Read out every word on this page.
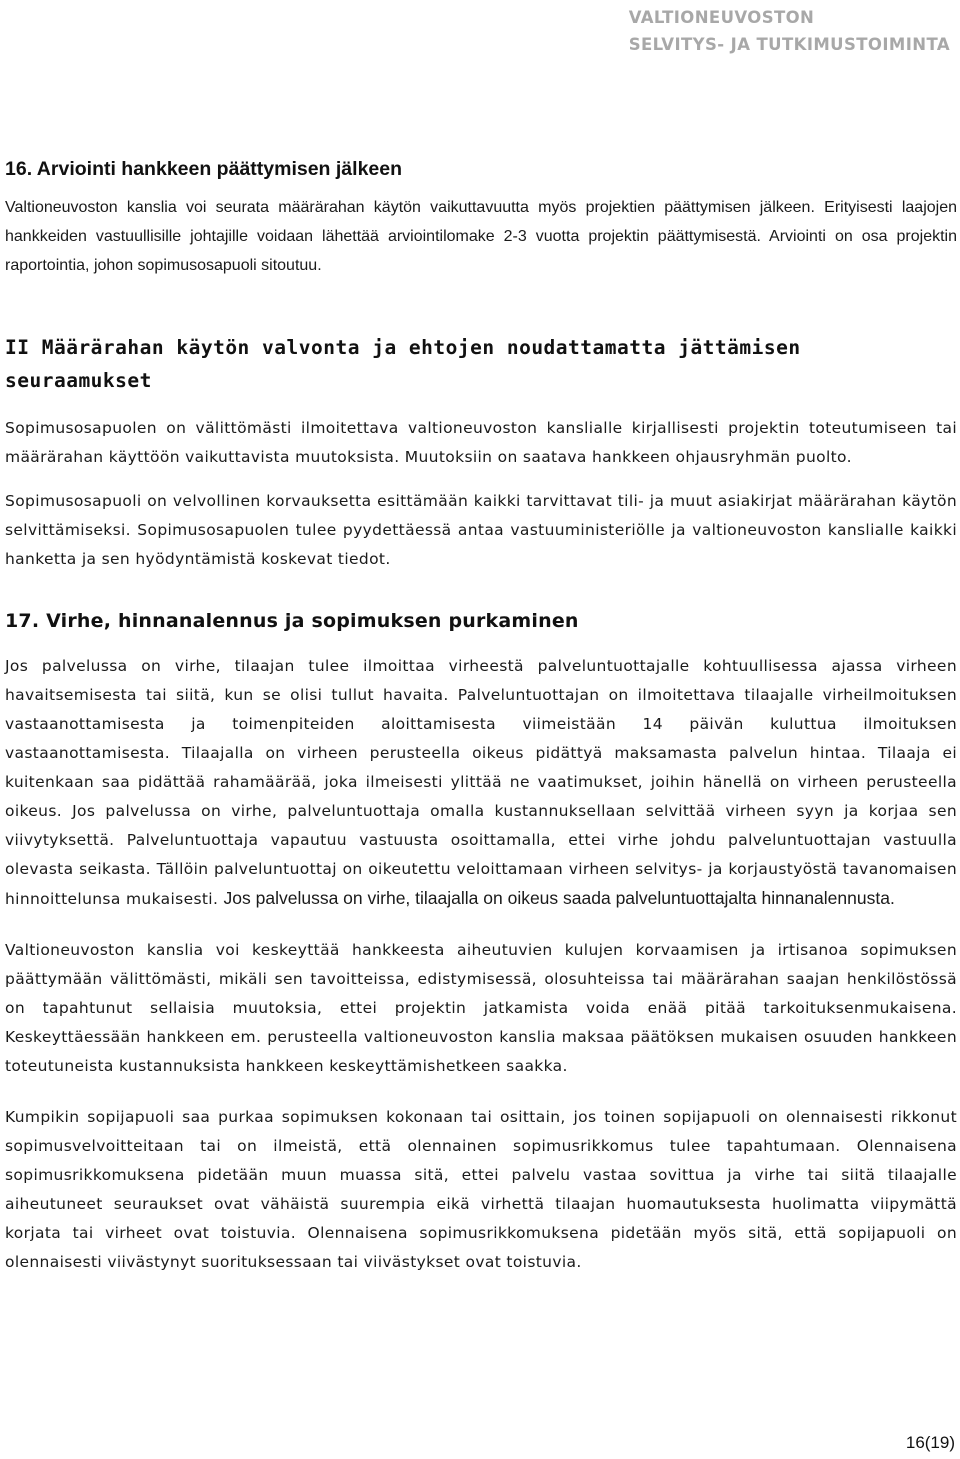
VALTIONEUVOSTON
SELVITYS- JA TUTKIMUSTOIMINTA
16. Arviointi hankkeen päättymisen jälkeen

Valtioneuvoston kanslia voi seurata määrärahan käytön vaikuttavuutta myös projektien päättymisen jälkeen. Erityisesti laajojen hankkeiden vastuullisille johtajille voidaan lähettää arviointilomake 2-3 vuotta projektin päättymisestä. Arviointi on osa projektin raportointia, johon sopimusosapuoli sitoutuu.

II Määrärahan käytön valvonta ja ehtojen noudattamatta jättämisen seuraamukset

Sopimusosapuolen on välittömästi ilmoitettava valtioneuvoston kanslialle kirjallisesti projektin toteutumiseen tai määrärahan käyttöön vaikuttavista muutoksista. Muutoksiin on saatava hankkeen ohjausryhmän puolto.

Sopimusosapuoli on velvollinen korvauksetta esittämään kaikki tarvittavat tili- ja muut asiakirjat määrärahan käytön selvittämiseksi. Sopimusosapuolen tulee pyydettäessä antaa vastuuministeriölle ja valtioneuvoston kanslialle kaikki hanketta ja sen hyödyntämistä koskevat tiedot.

17. Virhe, hinnanalennus ja sopimuksen purkaminen

Jos palvelussa on virhe, tilaajan tulee ilmoittaa virheestä palveluntuottajalle kohtuullisessa ajassa virheen havaitsemisesta tai siitä, kun se olisi tullut havaita. Palveluntuottajan on ilmoitettava tilaajalle virheilmoituksen vastaanottamisesta ja toimenpiteiden aloittamisesta viimeistään 14 päivän kuluttua ilmoituksen vastaanottamisesta. Tilaajalla on virheen perusteella oikeus pidättyä maksamasta palvelun hintaa. Tilaaja ei kuitenkaan saa pidättää rahamäärää, joka ilmeisesti ylittää ne vaatimukset, joihin hänellä on virheen perusteella oikeus. Jos palvelussa on virhe, palveluntuottaja omalla kustannuksellaan selvittää virheen syyn ja korjaa sen viivytyksettä. Palveluntuottaja vapautuu vastuusta osoittamalla, ettei virhe johdu palveluntuottajan vastuulla olevasta seikasta. Tällöin palveluntuottaj on oikeutettu veloittamaan virheen selvitys- ja korjaustyöstä tavanomaisen hinnoittelunsa mukaisesti. Jos palvelussa on virhe, tilaajalla on oikeus saada palveluntuottajalta hinnanalennusta.

Valtioneuvoston kanslia voi keskeyttää hankkeesta aiheutuvien kulujen korvaamisen ja irtisanoa sopimuksen päättymään välittömästi, mikäli sen tavoitteissa, edistymisessä, olosuhteissa tai määrärahan saajan henkilöstössä on tapahtunut sellaisia muutoksia, ettei projektin jatkamista voida enää pitää tarkoituksenmukaisena. Keskeyttäessään hankkeen em. perusteella valtioneuvoston kanslia maksaa päätöksen mukaisen osuuden hankkeen toteutuneista kustannuksista hankkeen keskeyttämishetkeen saakka.

Kumpikin sopijapuoli saa purkaa sopimuksen kokonaan tai osittain, jos toinen sopijapuoli on olennaisesti rikkonut sopimusvelvoitteitaan tai on ilmeistä, että olennainen sopimusrikkomus tulee tapahtumaan. Olennaisena sopimusrikkomuksena pidetään muun muassa sitä, ettei palvelu vastaa sovittua ja virhe tai siitä tilaajalle aiheutuneet seuraukset ovat vähäistä suurempia eikä virhettä tilaajan huomautuksesta huolimatta viipymättä korjata tai virheet ovat toistuvia. Olennaisena sopimusrikkomuksena pidetään myös sitä, että sopijapuoli on olennaisesti viivästynyt suorituksessaan tai viivästykset ovat toistuvia.

16(19)
